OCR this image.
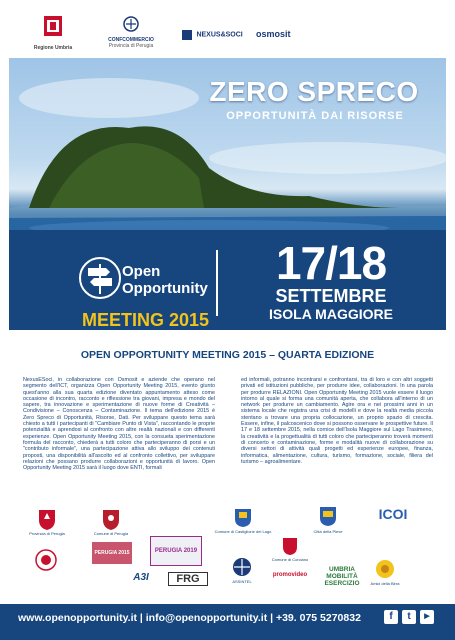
Regione Umbria
CONFCOMMERCIO
Provincia di Perugia
NEXUS&SOCI	osmosit
ZERO SPRECO
OPPORTUNITÀ DAI RISORSE
Open
Opportunity
MEETING 2015
17/18
SETTEMBRE
ISOLA MAGGIORE
OPEN OPPORTUNITY MEETING 2015 – QUARTA EDIZIONE
NexusESoci, in collaborazione con Osmosit e aziende che operano nel segmento dell'ICT, organizza Open Opportunity Meeting 2015, evento giunto quest'anno alla sua quarta edizione diventato appuntamento atteso come occasione di incontro, racconto e riflessione tra giovani, impresa e mondo del sapere, tra innovazione e sperimentazione di nuove forme di Creatività – Condivisione – Conoscenza – Contaminazione. Il tema dell'edizione 2015 è Zero Spreco di Opportunità, Risorse, Dati. Per sviluppare questo tema sarà chiesto a tutti i partecipanti di "Cambiare Punto di Vista", raccontando le proprie potenzialità e aprendosi al confronto con altre realtà nazionali e con differenti esperienze. Open Opportunity Meeting 2015, con la consueta sperimentazione formula del racconto, chiederà a tutti coloro che parteciperanno di porsi e un "contributo informale", una partecipazione attiva allo sviluppo dei contenuti proposti, una disponibilità all'ascolto ed al confronto collettivo, per sviluppare relazioni che possano produrre collaborazioni e opportunità di lavoro. Open Opportunity Meeting 2015 sarà il luogo dove ENTI, formali
ed informali, potranno incontrarsi e confrontarsi, tra di loro e con altri soggetti privati ed istituzioni pubbliche, per produrre idee, collaborazioni. In una parola per produrre RELAZIONI. Open Opportunity Meeting 2015 vuole essere il luogo intorno al quale si forma una comunità aperta, che collabora all'interno di un network per produrre un cambiamento. Agire ora e nei prossimi anni in un sistema locale che registra una crisi di modelli e dove la realtà media piccola stentano a trovare una propria collocazione, un proprio spazio di crescita. Essere, infine, il palcoscenico dove si possono osservare le prospettive future. Il 17 e 18 settembre 2015, nella cornice dell'Isola Maggiore sul Lago Trasimeno, la creatività e la progettualità di tutti coloro che parteciperanno troverà momenti di concerto e contaminazione, forme e modalità nuove di collaborazione su diversi settori di attività quali progetti ed esperienze europee, finanza, informatica, alimentazione, cultura, turismo, formazione, sociale, filiera del turismo – agroalimentare.
Provincia di Perugia	Comune di Perugia
PERUGIA 2015	PERUGIA 2019
Comune di Castiglione del Lago
Comune di Corciano
Città della Pieve
ICOI
A3I	FRG	ASSINTEL
promovideo
UMBRIA MOBILITÀ ESERCIZIO	Amici della Birra
www.openopportunity.it | info@openopportunity.it | +39. 075 5270832	f	t	▶
